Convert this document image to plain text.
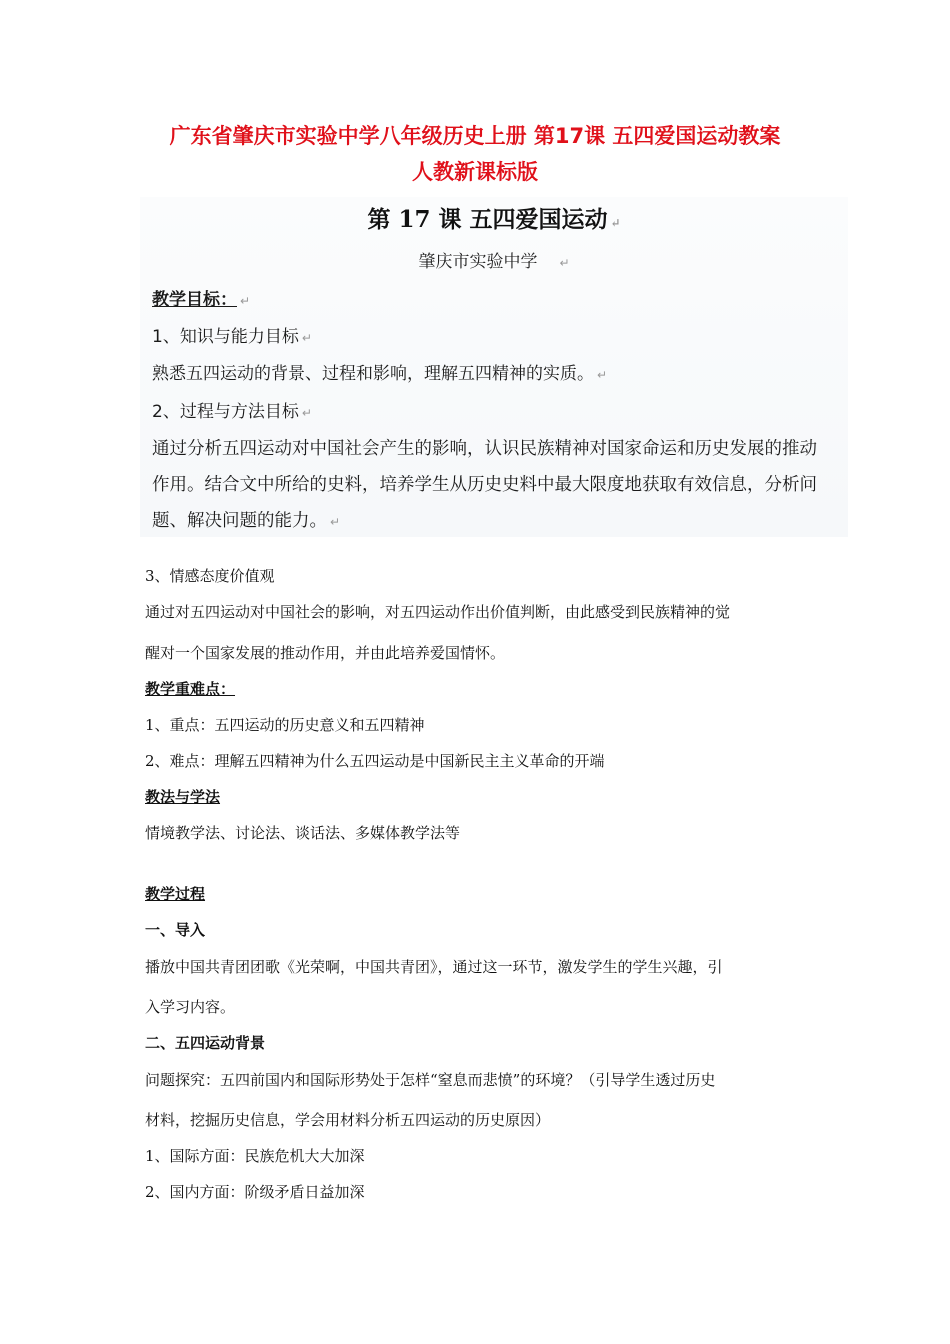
广东省肇庆市实验中学八年级历史上册 第17课 五四爱国运动教案
人教新课标版
第 17 课 五四爱国运动 ↵
肇庆市实验中学 ↵
教学目标： ↵
1、知识与能力目标 ↵
熟悉五四运动的背景、过程和影响，理解五四精神的实质。 ↵
2、过程与方法目标 ↵
通过分析五四运动对中国社会产生的影响，认识民族精神对国家命运和历史发展的推动作用。结合文中所给的史料，培养学生从历史史料中最大限度地获取有效信息，分析问题、解决问题的能力。 ↵
3、情感态度价值观
通过对五四运动对中国社会的影响，对五四运动作出价值判断，由此感受到民族精神的觉
醒对一个国家发展的推动作用，并由此培养爱国情怀。
教学重难点：
1、重点：五四运动的历史意义和五四精神
2、难点：理解五四精神为什么五四运动是中国新民主主义革命的开端
教法与学法
情境教学法、讨论法、谈话法、多媒体教学法等
教学过程
一、导入
播放中国共青团团歌《光荣啊，中国共青团》，通过这一环节，激发学生的学生兴趣，引
入学习内容。
二、五四运动背景
问题探究：五四前国内和国际形势处于怎样“窒息而悲愤”的环境？（引导学生透过历史
材料，挖掘历史信息，学会用材料分析五四运动的历史原因）
1、国际方面：民族危机大大加深
2、国内方面：阶级矛盾日益加深
